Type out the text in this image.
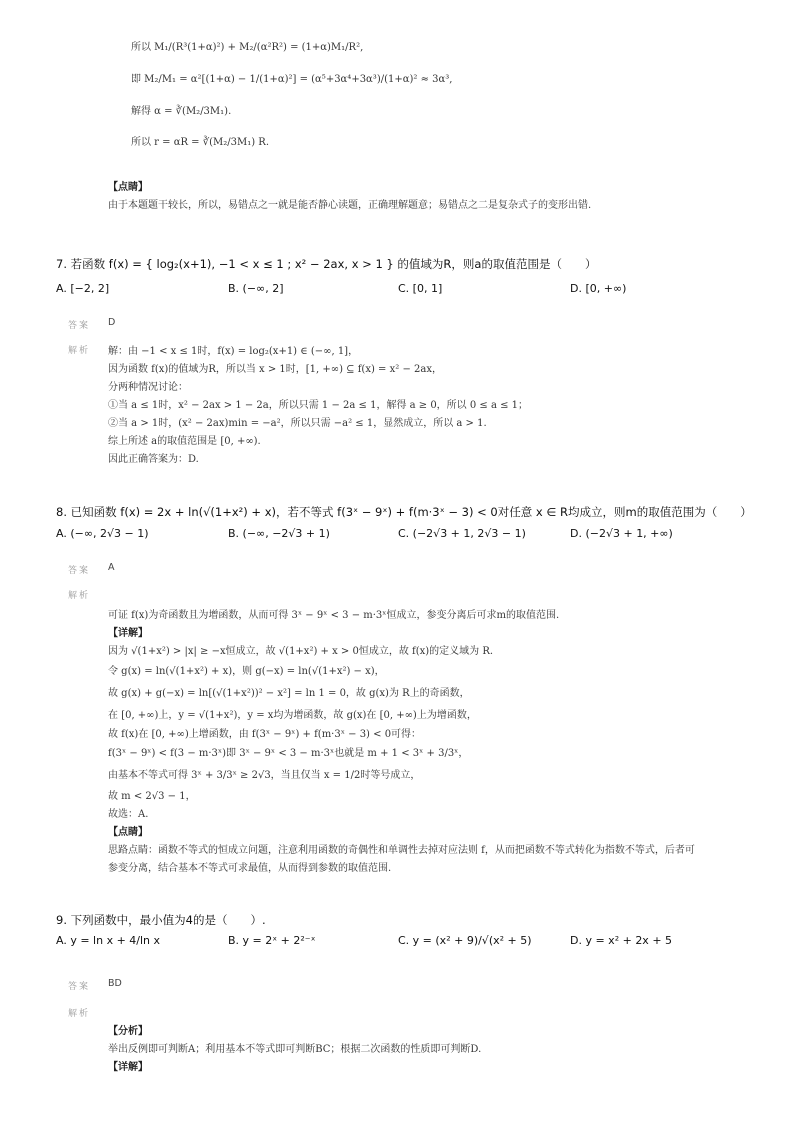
所以 M₁/(R³(1+α)²) + M₂/(α²R²) = (1+α)M₁/R²,
即 M₂/M₁ = α²[(1+α) − 1/(1+α)²] = (α⁵+3α⁴+3α³)/(1+α)² ≈ 3α³,
解得 α = ∛(M₂/3M₁).
所以 r = αR = ∛(M₂/3M₁) R.
【点睛】
由于本题题干较长，所以，易错点之一就是能否静心读题，正确理解题意；易错点之二是复杂式子的变形出错.
7. 若函数 f(x) = { log₂(x+1), −1 < x ≤ 1 ; x² − 2ax, x > 1 } 的值域为R，则a的取值范围是（　　）
A. [−2, 2]	B. (−∞, 2]	C. [0, 1]	D. [0, +∞)
答案 D
解析 解：由 −1 < x ≤ 1时，f(x) = log₂(x+1) ∈ (−∞, 1]，
因为函数 f(x)的值域为R，所以当 x > 1时，[1, +∞) ⊆ f(x) = x² − 2ax，
分两种情况讨论：
①当 a ≤ 1时，x² − 2ax > 1 − 2a，所以只需 1 − 2a ≤ 1，解得 a ≥ 0，所以 0 ≤ a ≤ 1；
②当 a > 1时，(x² − 2ax)min = −a²，所以只需 −a² ≤ 1，显然成立，所以 a > 1.
综上所述 a的取值范围是 [0, +∞).
因此正确答案为：D.
8. 已知函数 f(x) = 2x + ln(√(1+x²) + x)，若不等式 f(3ˣ − 9ˣ) + f(m·3ˣ − 3) < 0对任意 x ∈ R均成立，则m的取值范围为（　　）
A. (−∞, 2√3 − 1)	B. (−∞, −2√3 + 1)	C. (−2√3 + 1, 2√3 − 1)	D. (−2√3 + 1, +∞)
答案 A
解析
可证 f(x)为奇函数且为增函数，从而可得 3ˣ − 9ˣ < 3 − m·3ˣ恒成立，参变分离后可求m的取值范围.
【详解】
因为 √(1+x²) > |x| ≥ −x恒成立，故 √(1+x²) + x > 0恒成立，故 f(x)的定义域为 R.
令 g(x) = ln(√(1+x²) + x)，则 g(−x) = ln(√(1+x²) − x)，
故 g(x) + g(−x) = ln[(√(1+x²))² − x²] = ln 1 = 0，故 g(x)为 R上的奇函数，
在 [0, +∞)上，y = √(1+x²)，y = x均为增函数，故 g(x)在 [0, +∞)上为增函数，
故 f(x)在 [0, +∞)上增函数，由 f(3ˣ − 9ˣ) + f(m·3ˣ − 3) < 0可得：
f(3ˣ − 9ˣ) < f(3 − m·3ˣ)即 3ˣ − 9ˣ < 3 − m·3ˣ也就是 m + 1 < 3ˣ + 3/3ˣ，
由基本不等式可得 3ˣ + 3/3ˣ ≥ 2√3，当且仅当 x = 1/2时等号成立，
故 m < 2√3 − 1，
故选：A.
【点睛】
思路点睛：函数不等式的恒成立问题，注意利用函数的奇偶性和单调性去掉对应法则 f，从而把函数不等式转化为指数不等式，后者可
参变分离，结合基本不等式可求最值，从而得到参数的取值范围.
9. 下列函数中，最小值为4的是（　　）.
A. y = ln x + 4/ln x	B. y = 2ˣ + 2²⁻ˣ	C. y = (x² + 9)/√(x² + 5)	D. y = x² + 2x + 5
答案 BD
解析
【分析】
举出反例即可判断A；利用基本不等式即可判断BC；根据二次函数的性质即可判断D.
【详解】
